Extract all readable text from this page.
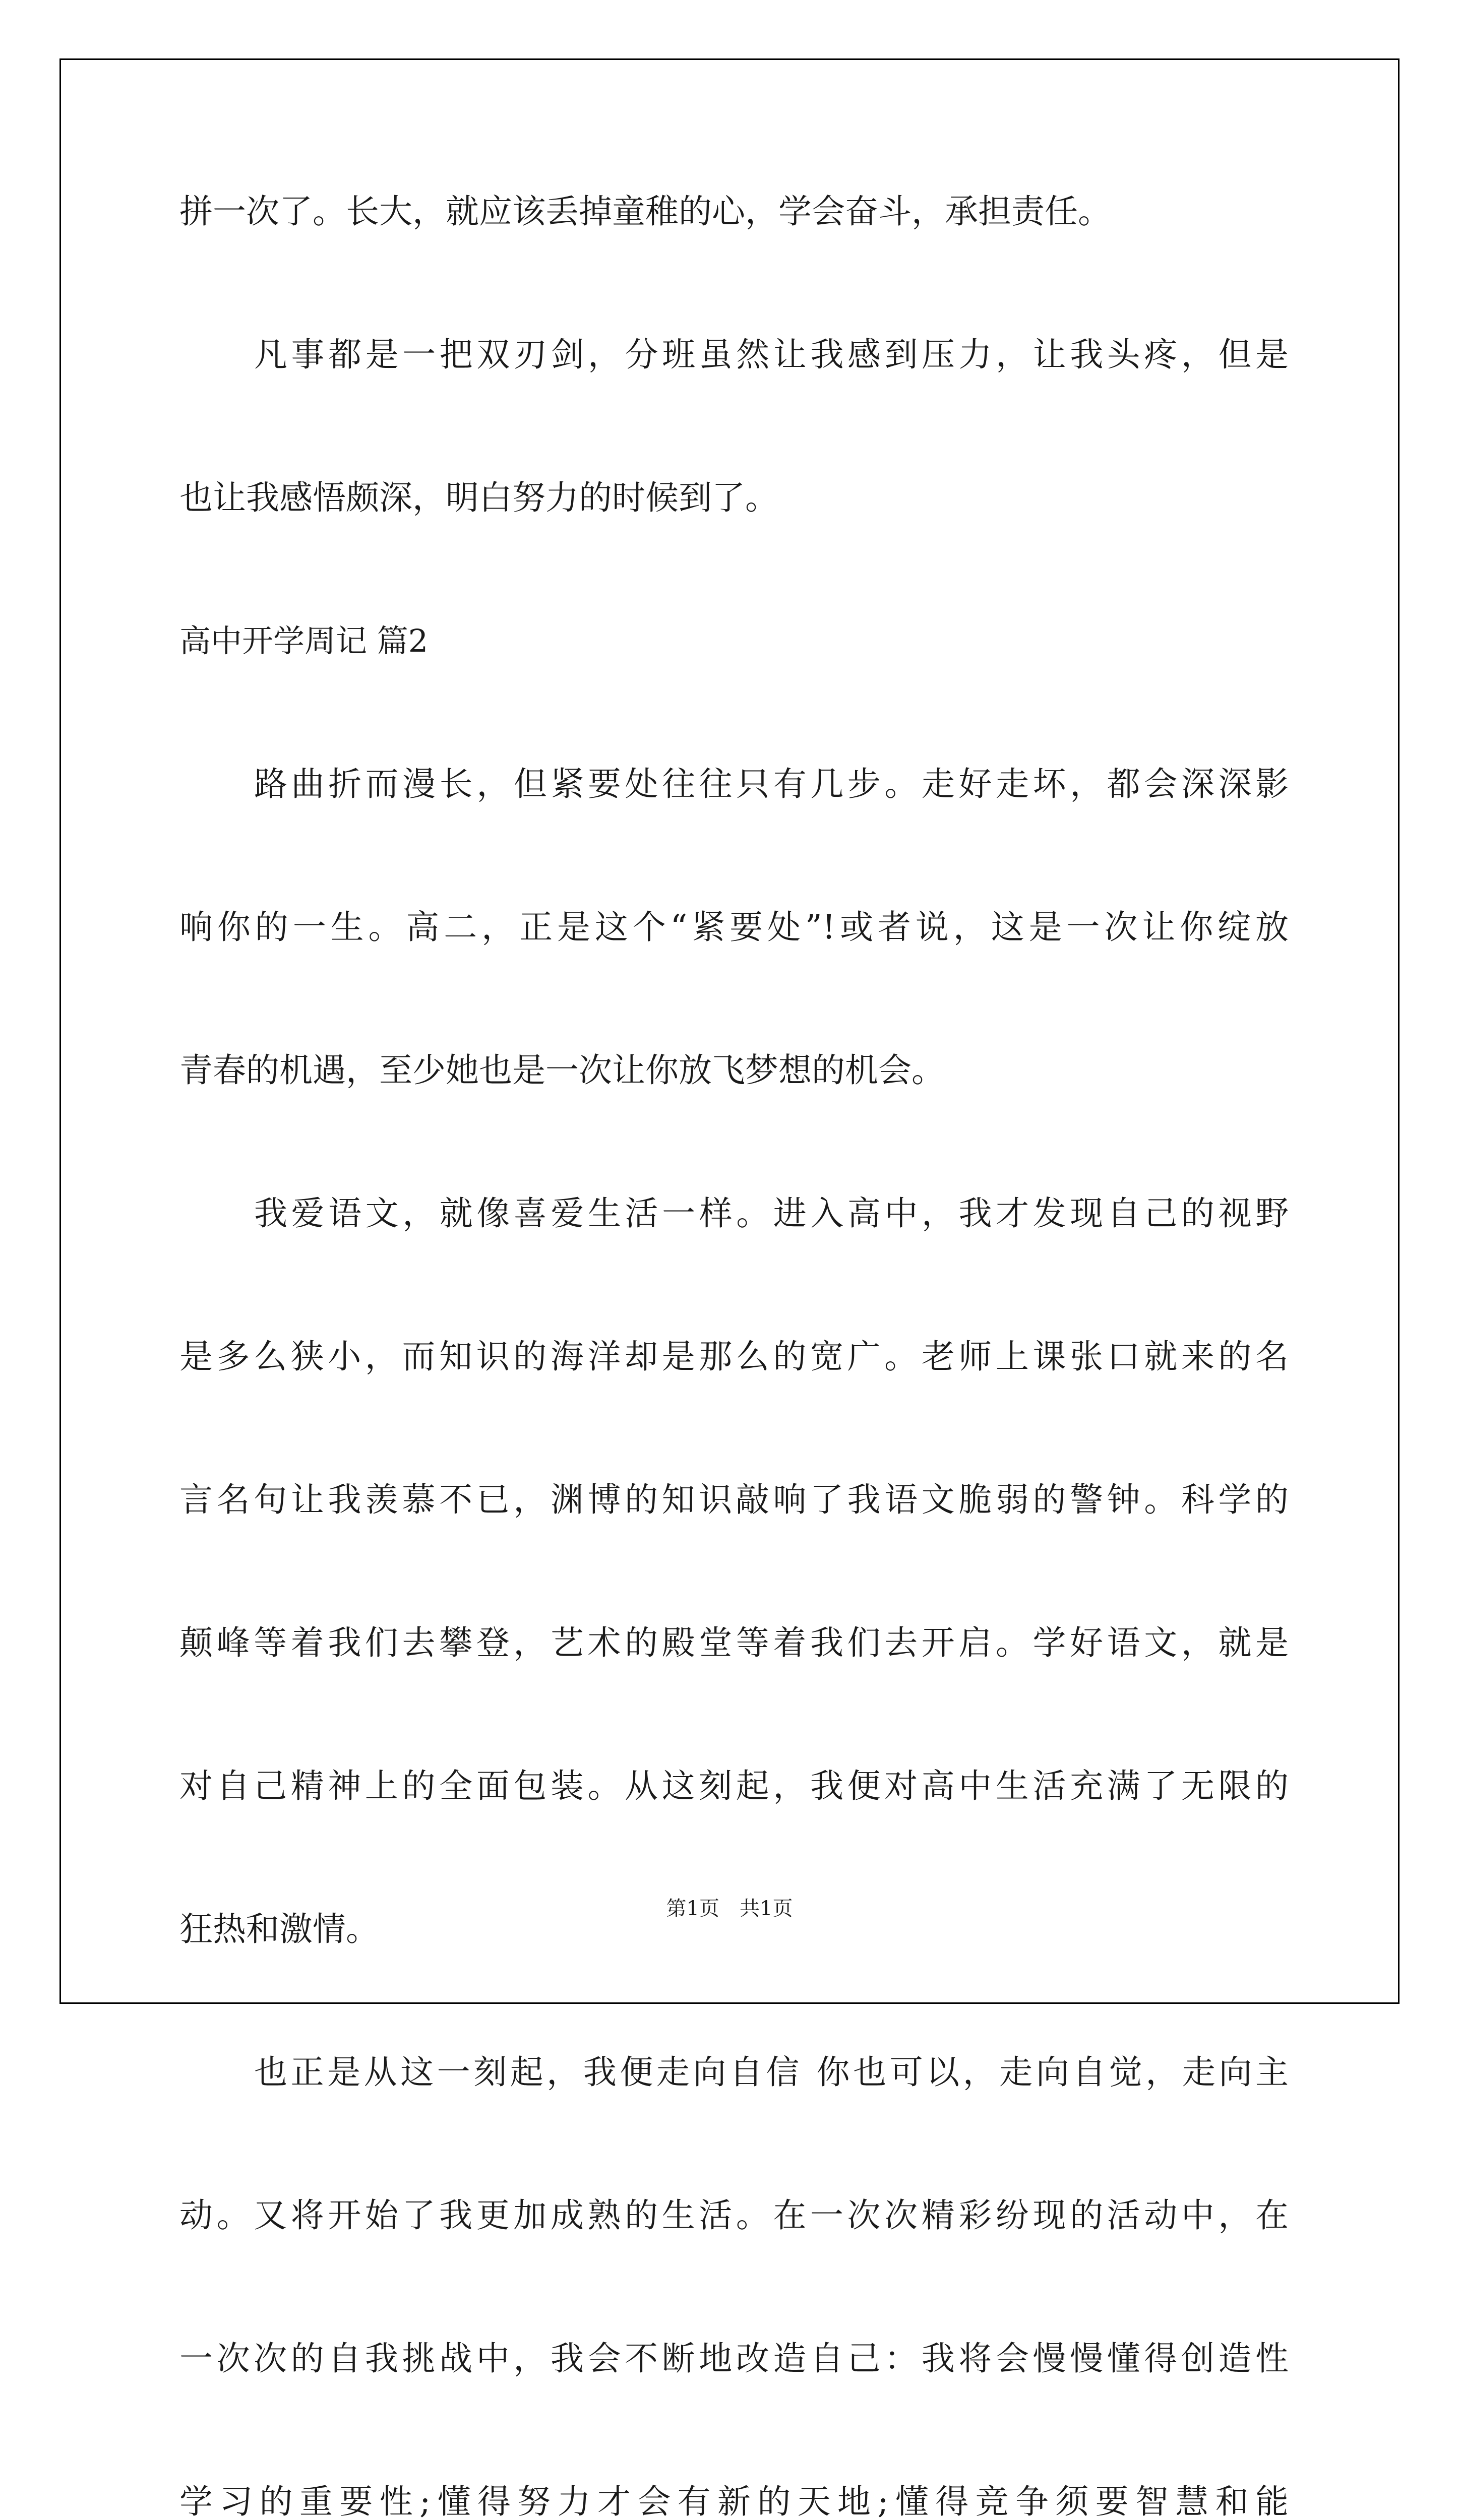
拼一次了。长大，就应该丢掉童稚的心，学会奋斗，承担责任。
凡事都是一把双刃剑，分班虽然让我感到压力，让我头疼，但是
也让我感悟颇深，明白努力的时候到了。
高中开学周记 篇2
路曲折而漫长，但紧要处往往只有几步。走好走坏，都会深深影
响你的一生。高二，正是这个“紧要处”!或者说，这是一次让你绽放
青春的机遇，至少她也是一次让你放飞梦想的机会。
我爱语文，就像喜爱生活一样。进入高中，我才发现自己的视野
是多么狭小，而知识的海洋却是那么的宽广。老师上课张口就来的名
言名句让我羡慕不已，渊博的知识敲响了我语文脆弱的警钟。科学的
颠峰等着我们去攀登，艺术的殿堂等着我们去开启。学好语文，就是
对自己精神上的全面包装。从这刻起，我便对高中生活充满了无限的
狂热和激情。
也正是从这一刻起，我便走向自信 你也可以，走向自觉，走向主
动。又将开始了我更加成熟的生活。在一次次精彩纷现的活动中，在
一次次的自我挑战中，我会不断地改造自己：我将会慢慢懂得创造性
学习的重要性;懂得努力才会有新的天地;懂得竞争须要智慧和能
第1页　共1页
